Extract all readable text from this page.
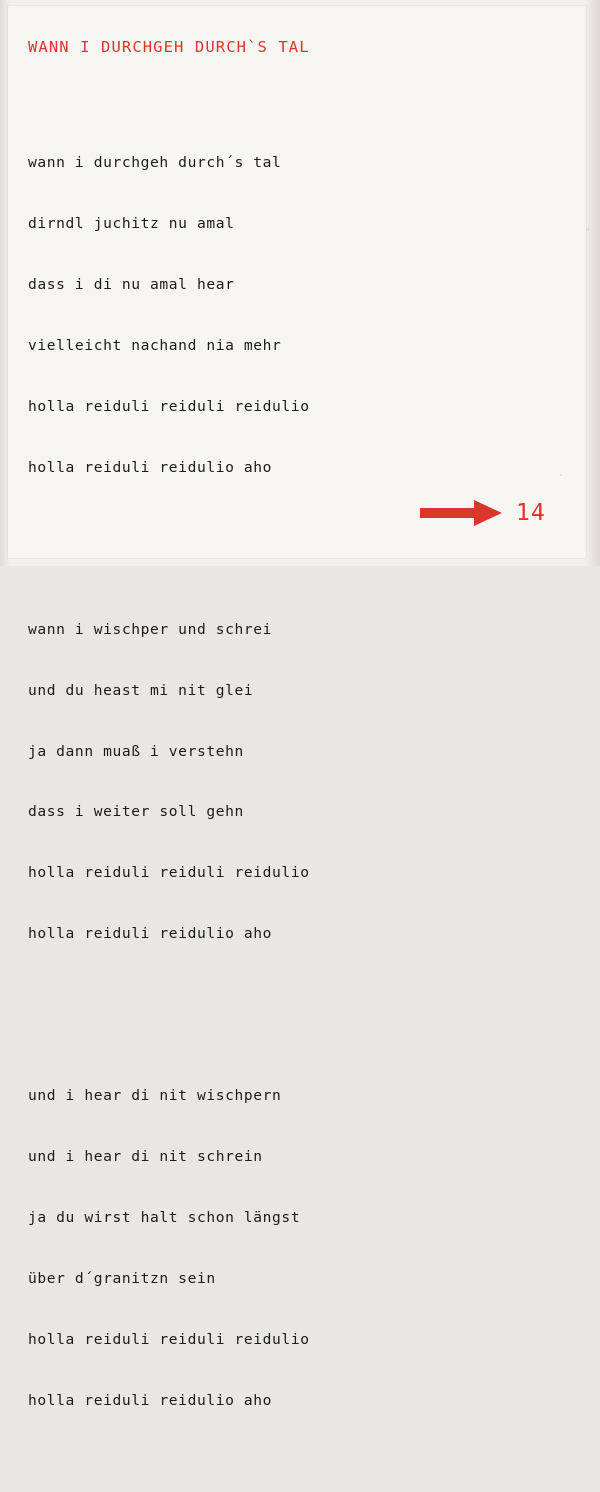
WANN I DURCHGEH DURCH`S TAL

wann i durchgeh durch´s tal

dirndl juchitz nu amal

dass i di nu amal hear

vielleicht nachand nia mehr

holla reiduli reiduli reidulio

holla reiduli reidulio aho

wann i wischper und schrei

und du heast mi nit glei

ja dann muaß i verstehn

dass i weiter soll gehn

holla reiduli reiduli reidulio

holla reiduli reidulio aho

und i hear di nit wischpern

und i hear di nit schrein

ja du wirst halt schon längst

über d´granitzn sein

holla reiduli reiduli reidulio

holla reiduli reidulio aho

14
